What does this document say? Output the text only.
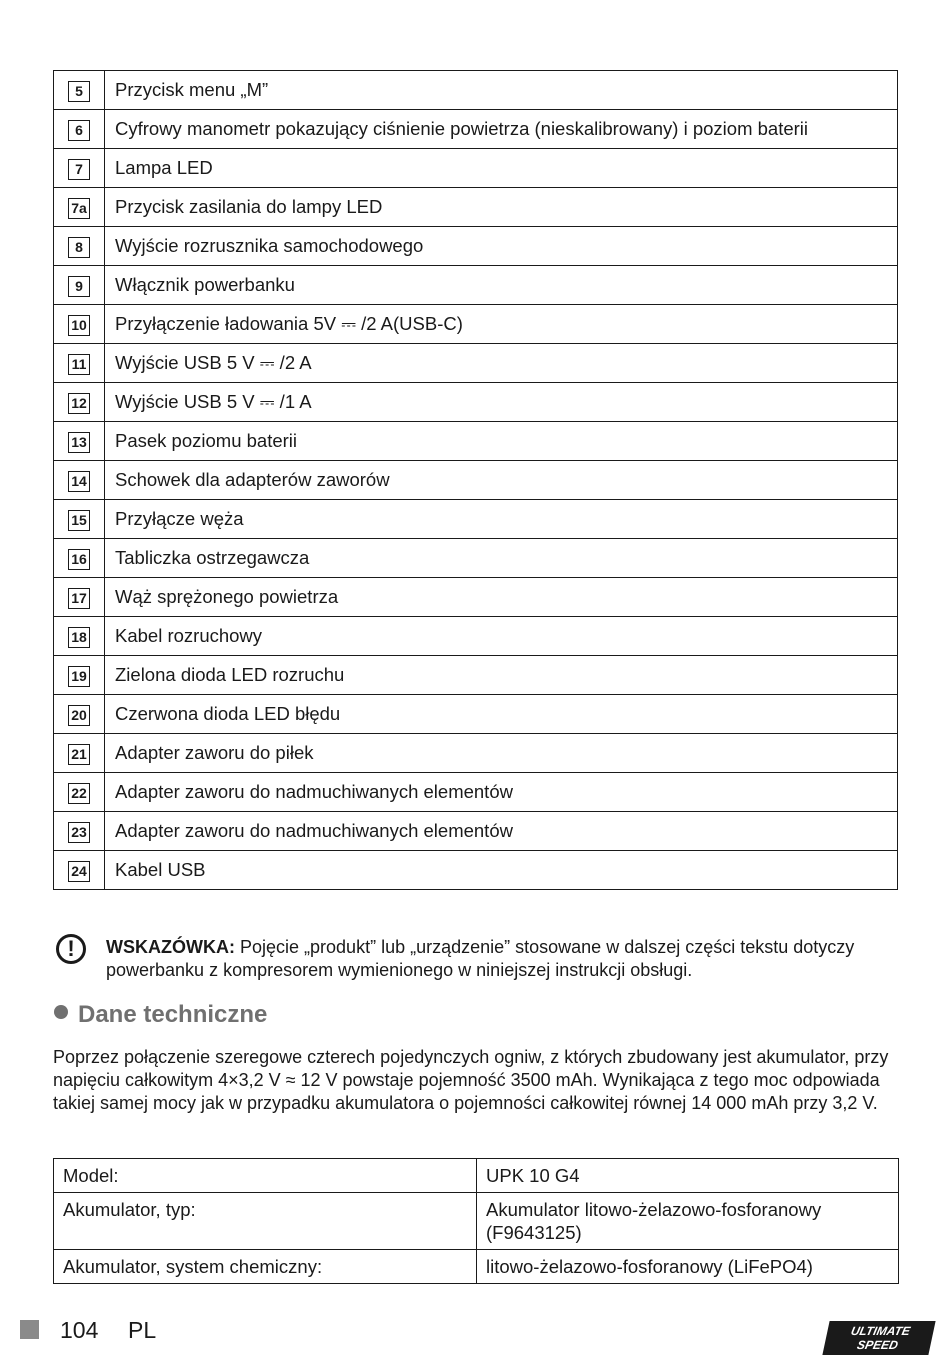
5	Przycisk menu „M”
6	Cyfrowy manometr pokazujący ciśnienie powietrza (nieskalibrowany) i poziom baterii
7	Lampa LED
7a	Przycisk zasilania do lampy LED
8	Wyjście rozrusznika samochodowego
9	Włącznik powerbanku
10	Przyłączenie ładowania 5V ⎓ /2 A(USB-C)
11	Wyjście USB 5 V ⎓ /2 A
12	Wyjście USB 5 V ⎓ /1 A
13	Pasek poziomu baterii
14	Schowek dla adapterów zaworów
15	Przyłącze węża
16	Tabliczka ostrzegawcza
17	Wąż sprężonego powietrza
18	Kabel rozruchowy
19	Zielona dioda LED rozruchu
20	Czerwona dioda LED błędu
21	Adapter zaworu do piłek
22	Adapter zaworu do nadmuchiwanych elementów
23	Adapter zaworu do nadmuchiwanych elementów
24	Kabel USB
!	WSKAZÓWKA: Pojęcie „produkt” lub „urządzenie” stosowane w dalszej części tekstu dotyczy powerbanku z kompresorem wymienionego w niniejszej instrukcji obsługi.
Dane techniczne

Poprzez połączenie szeregowe czterech pojedynczych ogniw, z których zbudowany jest akumulator, przy napięciu całkowitym 4×3,2 V ≈ 12 V powstaje pojemność 3500 mAh. Wynikająca z tego moc odpowiada takiej samej mocy jak w przypadku akumulatora o pojemności całkowitej równej 14 000 mAh przy 3,2 V.

Model:	UPK 10 G4
Akumulator, typ:	Akumulator litowo-żelazowo-fosforanowy (F9643125)
Akumulator, system chemiczny:	litowo-żelazowo-fosforanowy (LiFePO4)
104 PL	ULTIMATE
SPEED
